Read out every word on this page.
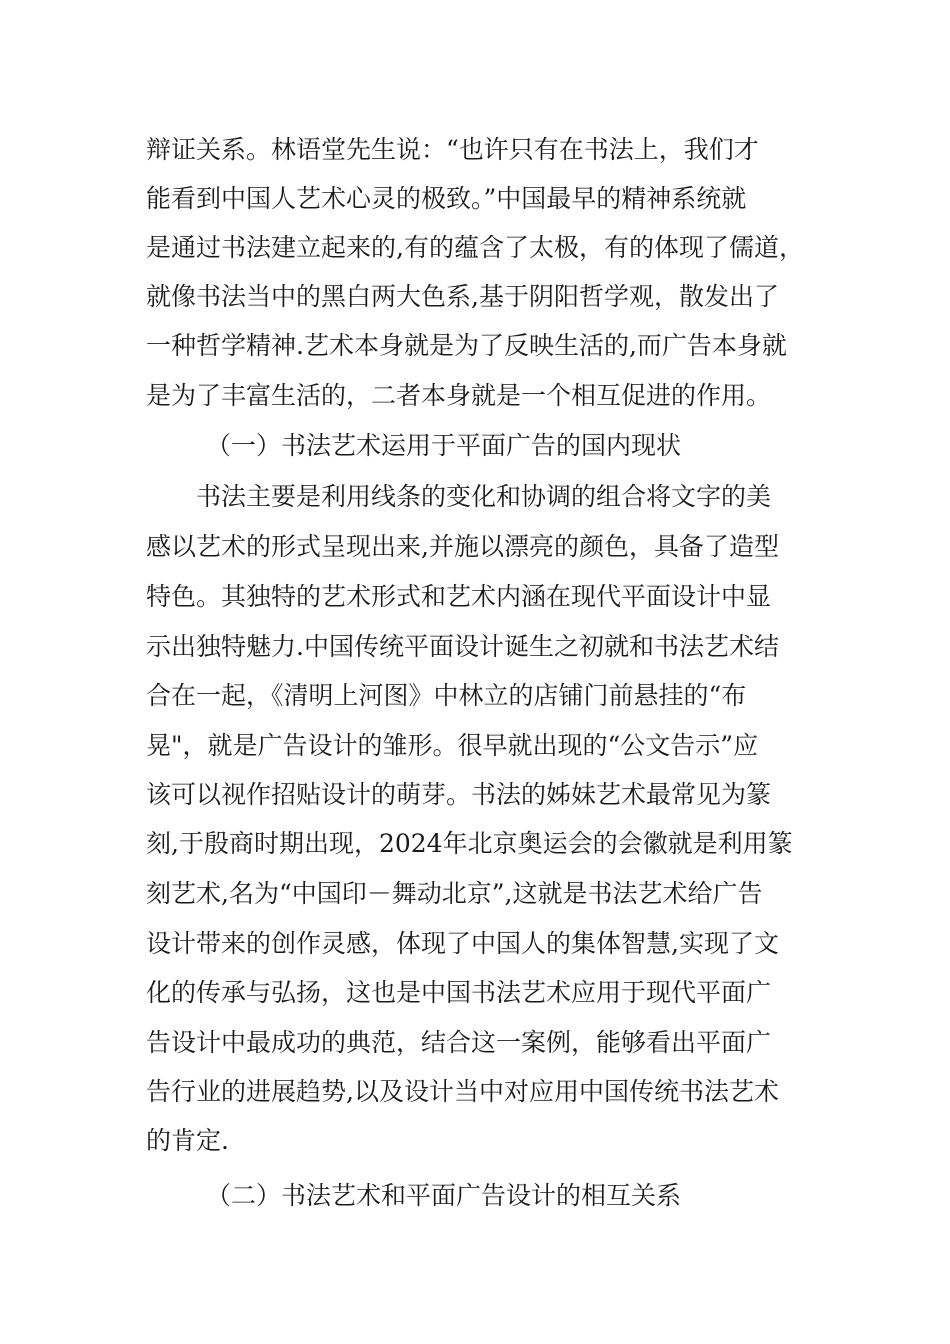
辩证关系。林语堂先生说：“也许只有在书法上，我们才
能看到中国人艺术心灵的极致。”中国最早的精神系统就
是通过书法建立起来的,有的蕴含了太极，有的体现了儒道，
就像书法当中的黑白两大色系,基于阴阳哲学观，散发出了
一种哲学精神.艺术本身就是为了反映生活的,而广告本身就
是为了丰富生活的，二者本身就是一个相互促进的作用。
（一）书法艺术运用于平面广告的国内现状
书法主要是利用线条的变化和协调的组合将文字的美
感以艺术的形式呈现出来,并施以漂亮的颜色，具备了造型
特色。其独特的艺术形式和艺术内涵在现代平面设计中显
示出独特魅力.中国传统平面设计诞生之初就和书法艺术结
合在一起，《清明上河图》中林立的店铺门前悬挂的“布
晃"，就是广告设计的雏形。很早就出现的“公文告示”应
该可以视作招贴设计的萌芽。书法的姊妹艺术最常见为篆
刻,于殷商时期出现，2024年北京奥运会的会徽就是利用篆
刻艺术,名为“中国印－舞动北京”,这就是书法艺术给广告
设计带来的创作灵感，体现了中国人的集体智慧,实现了文
化的传承与弘扬，这也是中国书法艺术应用于现代平面广
告设计中最成功的典范，结合这一案例，能够看出平面广
告行业的进展趋势,以及设计当中对应用中国传统书法艺术
的肯定.
（二）书法艺术和平面广告设计的相互关系
